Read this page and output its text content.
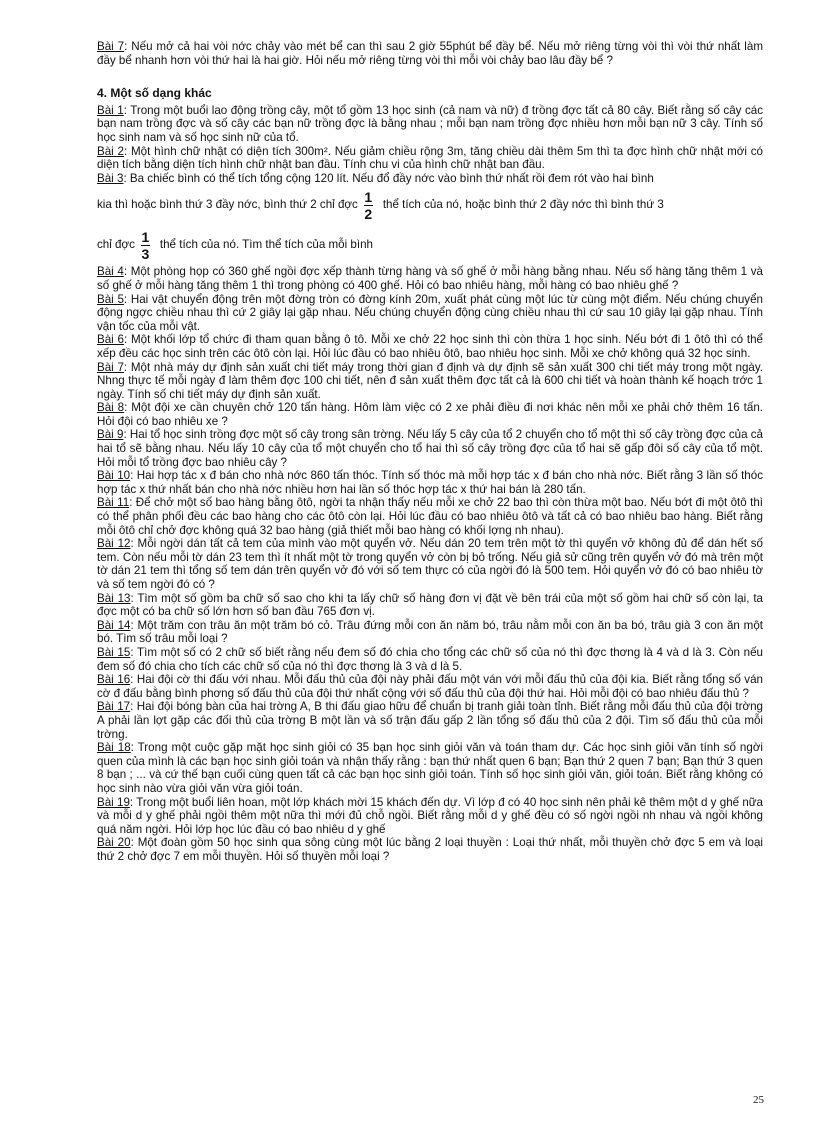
Bài 7: Nếu mở cả hai vòi nớc chảy vào mét bể can thì sau 2 giờ 55phút bể đầy bể. Nếu mở riêng từng vòi thì vòi thứ nhất làm đầy bể nhanh hơn vòi thứ hai là hai giờ. Hỏi nếu mở riêng từng vòi thì mỗi vòi chảy bao lâu đầy bể ?

4. Một số dạng khác

Bài 1: Trong một buổi lao động trồng cây, một tổ gồm 13 học sinh (cả nam và nữ) đ trồng đợc tất cả 80 cây. Biết rằng số cây các bạn nam trồng đợc và số cây các bạn nữ trồng đợc là bằng nhau ; mỗi bạn nam trồng đợc nhiều hơn mỗi bạn nữ 3 cây. Tính số học sinh nam và số học sinh nữ của tổ.

Bài 2: Một hình chữ nhật có diện tích 300m². Nếu giảm chiều rộng 3m, tăng chiều dài thêm 5m thì ta đợc hình chữ nhật mới có diện tích bằng diện tích hình chữ nhật ban đầu. Tính chu vi của hình chữ nhật ban đầu.

Bài 3: Ba chiếc bình có thể tích tổng cộng 120 lít. Nếu đổ đầy nớc vào bình thứ nhất rồi đem rót vào hai bình

kia thì hoặc bình thứ 3 đầy nớc, bình thứ 2 chỉ đợc $\frac{1}{2}$ thể tích của nó, hoặc bình thứ 2 đầy nớc thì bình thứ 3

chỉ đợc $\frac{1}{3}$ thể tích của nó. Tìm thể tích của mỗi bình

Bài 4: Một phòng họp có 360 ghế ngồi đợc xếp thành từng hàng và số ghế ở mỗi hàng bằng nhau. Nếu số hàng tăng thêm 1 và số ghế ở mỗi hàng tăng thêm 1 thì trong phòng có 400 ghế. Hỏi có bao nhiêu hàng, mỗi hàng có bao nhiêu ghế ?

Bài 5: Hai vật chuyển động trên một đờng tròn có đờng kính 20m, xuất phát cùng một lúc từ cùng một điểm. Nếu chúng chuyển động ngợc chiều nhau thì cứ 2 giây lại gặp nhau. Nếu chúng chuyển động cùng chiều nhau thì cứ sau 10 giây lại gặp nhau. Tính vận tốc của mỗi vật.

Bài 6: Một khối lớp tổ chức đi tham quan bằng ô tô. Mỗi xe chở 22 học sinh thì còn thừa 1 học sinh. Nếu bớt đi 1 ôtô thì có thể xếp đều các học sinh trên các ôtô còn lại. Hỏi lúc đầu có bao nhiêu ôtô, bao nhiêu học sinh. Mỗi xe chở không quá 32 học sinh.

Bài 7: Một nhà máy dự định sản xuất chi tiết máy trong thời gian đ định và dự định sẽ sản xuất 300 chi tiết máy trong một ngày. Nhng thực tế mỗi ngày đ làm thêm đợc 100 chi tiết, nên đ sản xuất thêm đợc tất cả là 600 chi tiết và hoàn thành kế hoạch trớc 1 ngày. Tính số chi tiết máy dự định sản xuất.

Bài 8: Một đội xe cần chuyên chở 120 tấn hàng. Hôm làm việc có 2 xe phải điều đi nơi khác nên mỗi xe phải chở thêm 16 tấn. Hỏi đội có bao nhiêu xe ?

Bài 9: Hai tổ học sinh trồng đợc một số cây trong sân trờng. Nếu lấy 5 cây của tổ 2 chuyển cho tổ một thì số cây trồng đợc của cả hai tổ sẽ bằng nhau. Nếu lấy 10 cây của tổ một chuyển cho tổ hai thì số cây trồng đợc của tổ hai sẽ gấp đôi số cây của tổ một. Hỏi mỗi tổ trồng đợc bao nhiêu cây ?

Bài 10: Hai hợp tác x đ bán cho nhà nớc 860 tấn thóc. Tính số thóc mà mỗi hợp tác x đ bán cho nhà nớc. Biết rằng 3 lần số thóc hợp tác x thứ nhất bán cho nhà nớc nhiều hơn hai lần số thóc hợp tác x thứ hai bán là 280 tấn.

Bài 11: Để chở một số bao hàng bằng ôtô, ngời ta nhận thấy nếu mỗi xe chở 22 bao thì còn thừa một bao. Nếu bớt đi một ôtô thì có thể phân phối đều các bao hàng cho các ôtô còn lại. Hỏi lúc đầu có bao nhiêu ôtô và tất cả có bao nhiêu bao hàng. Biết rằng mỗi ôtô chỉ chở đợc không quá 32 bao hàng (giả thiết mỗi bao hàng có khối lợng nh nhau).

Bài 12: Mỗi ngời dán tất cả tem của mình vào một quyển vở. Nếu dán 20 tem trên một tờ thì quyển vở không đủ để dán hết số tem. Còn nếu mỗi tờ dán 23 tem thì ít nhất một tờ trong quyển vở còn bị bỏ trống. Nếu giả sử cũng trên quyển vở đó mà trên một tờ dán 21 tem thì tổng số tem dán trên quyển vở đó với số tem thực có của ngời đó là 500 tem. Hỏi quyển vở đó có bao nhiêu tờ và số tem ngời đó có ?

Bài 13: Tìm một số gồm ba chữ số sao cho khi ta lấy chữ số hàng đơn vị đặt về bên trái của một số gồm hai chữ số còn lại, ta đợc một có ba chữ số lớn hơn số ban đầu 765 đơn vị.

Bài 14: Một trăm con trâu ăn một trăm bó cỏ. Trâu đứng mỗi con ăn năm bó, trâu nằm mỗi con ăn ba bó, trâu già 3 con ăn một bó. Tìm số trâu mỗi loại ?

Bài 15: Tìm một số có 2 chữ số biết rằng nếu đem số đó chia cho tổng các chữ số của nó thì đợc thơng là 4 và d là 3. Còn nếu đem số đó chia cho tích các chữ số của nó thì đợc thơng là 3 và d là 5.

Bài 16: Hai đội cờ thi đấu với nhau. Mỗi đấu thủ của đội này phải đấu một ván với mỗi đấu thủ của đội kia. Biết rằng tổng số ván cờ đ đấu bằng bình phơng số đấu thủ của đội thứ nhất cộng với số đấu thủ của đội thứ hai. Hỏi mỗi đội có bao nhiêu đấu thủ ?

Bài 17: Hai đội bóng bàn của hai trờng A, B thi đấu giao hữu để chuẩn bị tranh giải toàn tỉnh. Biết rằng mỗi đấu thủ của đội trờng A phải lần lợt gặp các đối thủ của trờng B một lần và số trận đấu gấp 2 lần tổng số đấu thủ của 2 đội. Tìm số đấu thủ của mỗi trờng.

Bài 18: Trong một cuộc gặp mặt học sinh giỏi có 35 bạn học sinh giỏi văn và toán tham dự. Các học sinh giỏi văn tính số ngời quen của mình là các bạn học sinh giỏi toán và nhận thấy rằng : bạn thứ nhất quen 6 bạn; Bạn thứ 2 quen 7 bạn; Bạn thứ 3 quen 8 bạn ; ... và cứ thế bạn cuối cùng quen tất cả các bạn học sinh giỏi toán. Tính số học sinh giỏi văn, giỏi toán. Biết rằng không có học sinh nào vừa giỏi văn vừa giỏi toán.

Bài 19: Trong một buổi liên hoan, một lớp khách mời 15 khách đến dự. Vì lớp đ có 40 học sinh nên phải kê thêm một d y ghế nữa và mỗi d y ghế phải ngồi thêm một nữa thì mới đủ chỗ ngồi. Biết rằng mỗi d y ghế đều có số ngời ngồi nh nhau và ngồi không quá năm ngời. Hỏi lớp học lúc đầu có bao nhiêu d y ghế

Bài 20: Một đoàn gồm 50 học sinh qua sông cùng một lúc bằng 2 loại thuyền : Loại thứ nhất, mỗi thuyền chở đợc 5 em và loại thứ 2 chở đợc 7 em mỗi thuyền. Hỏi số thuyền mỗi loại ?

25
